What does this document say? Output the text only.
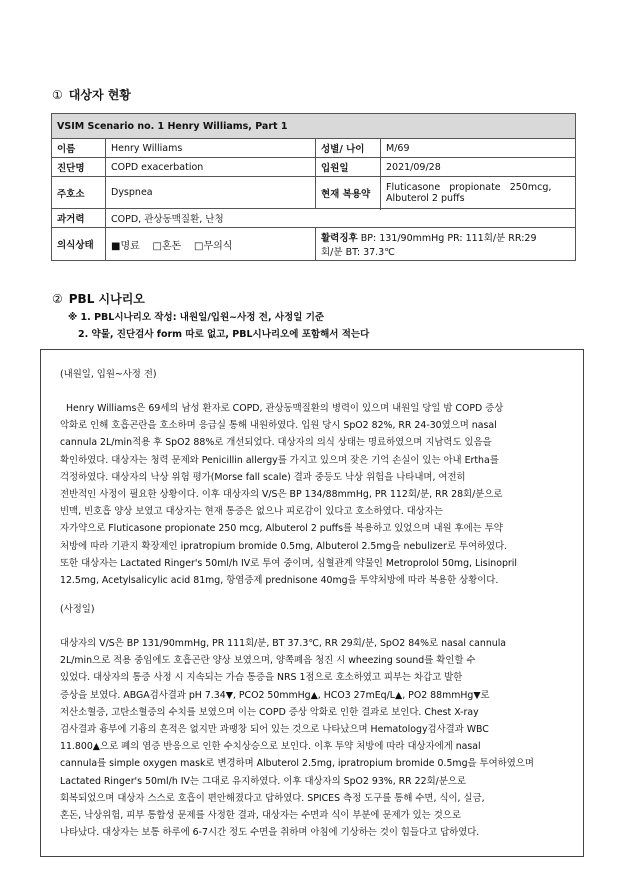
① 대상자 현황
VSIM Scenario no. 1 Henry Williams, Part 1			
이름	Henry Williams	성별/ 나이	M/69
진단명	COPD exacerbation	입원일	2021/09/28
주호소	Dyspnea	현재 복용약	Fluticasone   propionate   250mcg,
Albuterol 2 puffs

과거력	COPD, 관상동맥질환, 난청		
의식상태	■명료 □혼돈 □무의식	활력징후 BP: 131/90mmHg PR: 111회/분 RR:29
회/분 BT: 37.3℃	
② PBL 시나리오
※ 1. PBL시나리오 작성: 내원일/입원~사정 전, 사정일 기준
2. 약물, 진단검사 form 따로 없고, PBL시나리오에 포함해서 적는다
(내원일, 입원~사정 전)
Henry Williams은 69세의 남성 환자로 COPD, 관상동맥질환의 병력이 있으며 내원일 당일 밤 COPD 증상
악화로 인해 호흡곤란을 호소하며 응급실 통해 내원하였다. 입원 당시 SpO2 82%, RR 24-30였으며 nasal
cannula 2L/min적용 후 SpO2 88%로 개선되었다. 대상자의 의식 상태는 명료하였으며 지남력도 있음을
확인하였다. 대상자는 청력 문제와 Penicillin allergy를 가지고 있으며 잦은 기억 손실이 있는 아내 Ertha를
걱정하였다. 대상자의 낙상 위험 평가(Morse fall scale) 결과 중등도 낙상 위험을 나타내며, 여전히
전반적인 사정이 필요한 상황이다. 이후 대상자의 V/S은 BP 134/88mmHg, PR 112회/분, RR 28회/분으로
빈맥, 빈호흡 양상 보였고 대상자는 현재 통증은 없으나 피로감이 있다고 호소하였다. 대상자는
자가약으로 Fluticasone propionate 250 mcg, Albuterol 2 puffs를 복용하고 있었으며 내원 후에는 투약
처방에 따라 기관지 확장제인 ipratropium bromide 0.5mg, Albuterol 2.5mg을 nebulizer로 투여하였다.
또한 대상자는 Lactated Ringer's 50ml/h IV로 투여 중이며, 심혈관계 약물인 Metroprolol 50mg, Lisinopril
12.5mg, Acetylsalicylic acid 81mg, 항염증제 prednisone 40mg을 투약처방에 따라 복용한 상황이다.
(사정일)
대상자의 V/S은 BP 131/90mmHg, PR 111회/분, BT 37.3℃, RR 29회/분, SpO2 84%로 nasal cannula
2L/min으로 적용 중임에도 호흡곤란 양상 보였으며, 양쪽폐음 청진 시 wheezing sound를 확인할 수
있었다. 대상자의 통증 사정 시 지속되는 가슴 통증을 NRS 1점으로 호소하였고 피부는 차갑고 발한
증상을 보였다. ABGA검사결과 pH 7.34▼, PCO2 50mmHg▲, HCO3 27mEq/L▲, PO2 88mmHg▼로
저산소혈증, 고탄소혈증의 수치를 보였으며 이는 COPD 증상 악화로 인한 결과로 보인다. Chest X-ray
검사결과 흉부에 기흉의 흔적은 없지만 과팽창 되어 있는 것으로 나타났으며 Hematology검사결과 WBC
11.800▲으로 폐의 염증 반응으로 인한 수치상승으로 보인다. 이후 투약 처방에 따라 대상자에게 nasal
cannula를 simple oxygen mask로 변경하며 Albuterol 2.5mg, ipratropium bromide 0.5mg을 투여하였으며
Lactated Ringer's 50ml/h IV는 그대로 유지하였다. 이후 대상자의 SpO2 93%, RR 22회/분으로
회복되었으며 대상자 스스로 호흡이 편안해졌다고 답하였다. SPICES 측정 도구를 통해 수면, 식이, 실금,
혼돈, 낙상위험, 피부 통합성 문제를 사정한 결과, 대상자는 수면과 식이 부분에 문제가 있는 것으로
나타났다. 대상자는 보통 하루에 6-7시간 정도 수면을 취하며 아침에 기상하는 것이 힘들다고 답하였다.
